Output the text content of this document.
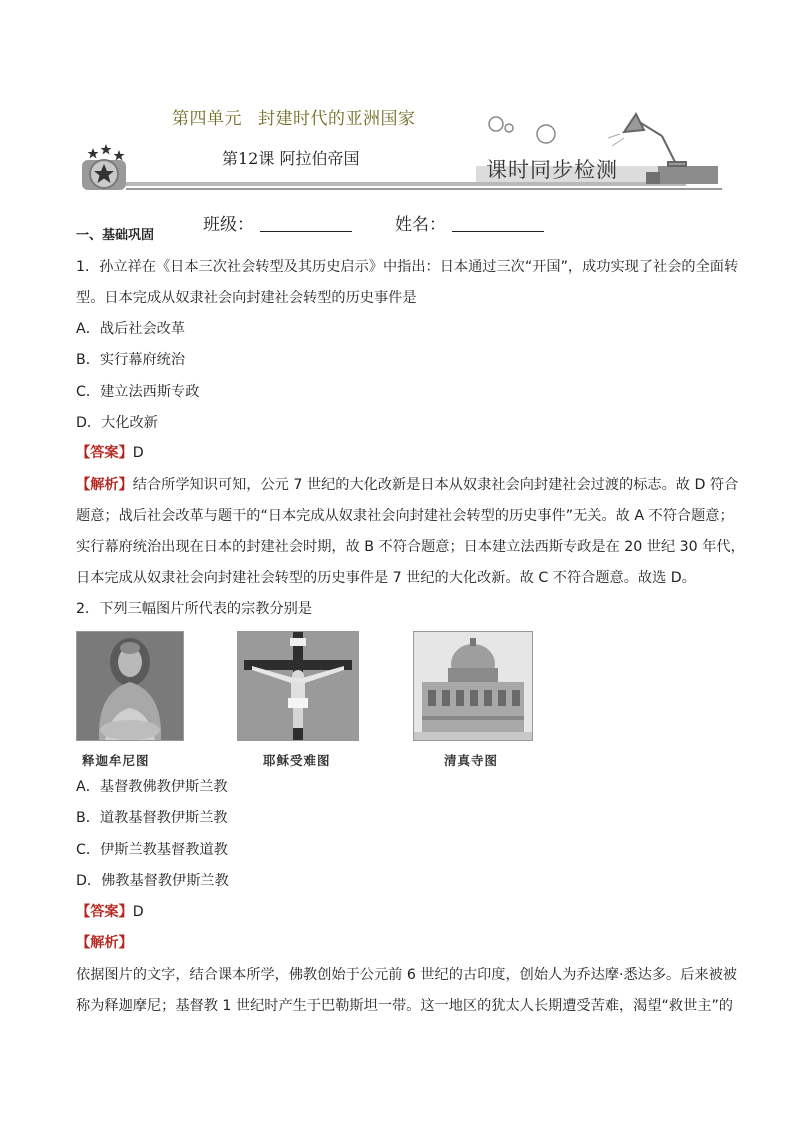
第四单元 封建时代的亚洲国家
第12课 阿拉伯帝国	课时同步检测
班级：	姓名：
一、基础巩固
1．孙立祥在《日本三次社会转型及其历史启示》中指出：日本通过三次“开国”，成功实现了社会的全面转
型。日本完成从奴隶社会向封建社会转型的历史事件是
A．战后社会改革
B．实行幕府统治
C．建立法西斯专政
D．大化改新
【答案】D
【解析】结合所学知识可知，公元 7 世纪的大化改新是日本从奴隶社会向封建社会过渡的标志。故 D 符合
题意；战后社会改革与题干的“日本完成从奴隶社会向封建社会转型的历史事件”无关。故 A 不符合题意；
实行幕府统治出现在日本的封建社会时期，故 B 不符合题意；日本建立法西斯专政是在 20 世纪 30 年代，
日本完成从奴隶社会向封建社会转型的历史事件是 7 世纪的大化改新。故 C 不符合题意。故选 D。
2．下列三幅图片所代表的宗教分别是
释迦牟尼图	耶稣受难图	清真寺图
A．基督教佛教伊斯兰教
B．道教基督教伊斯兰教
C．伊斯兰教基督教道教
D．佛教基督教伊斯兰教
【答案】D
【解析】
依据图片的文字，结合课本所学，佛教创始于公元前 6 世纪的古印度，创始人为乔达摩·悉达多。后来被被
称为释迦摩尼；基督教 1 世纪时产生于巴勒斯坦一带。这一地区的犹太人长期遭受苦难，渴望“救世主”的
